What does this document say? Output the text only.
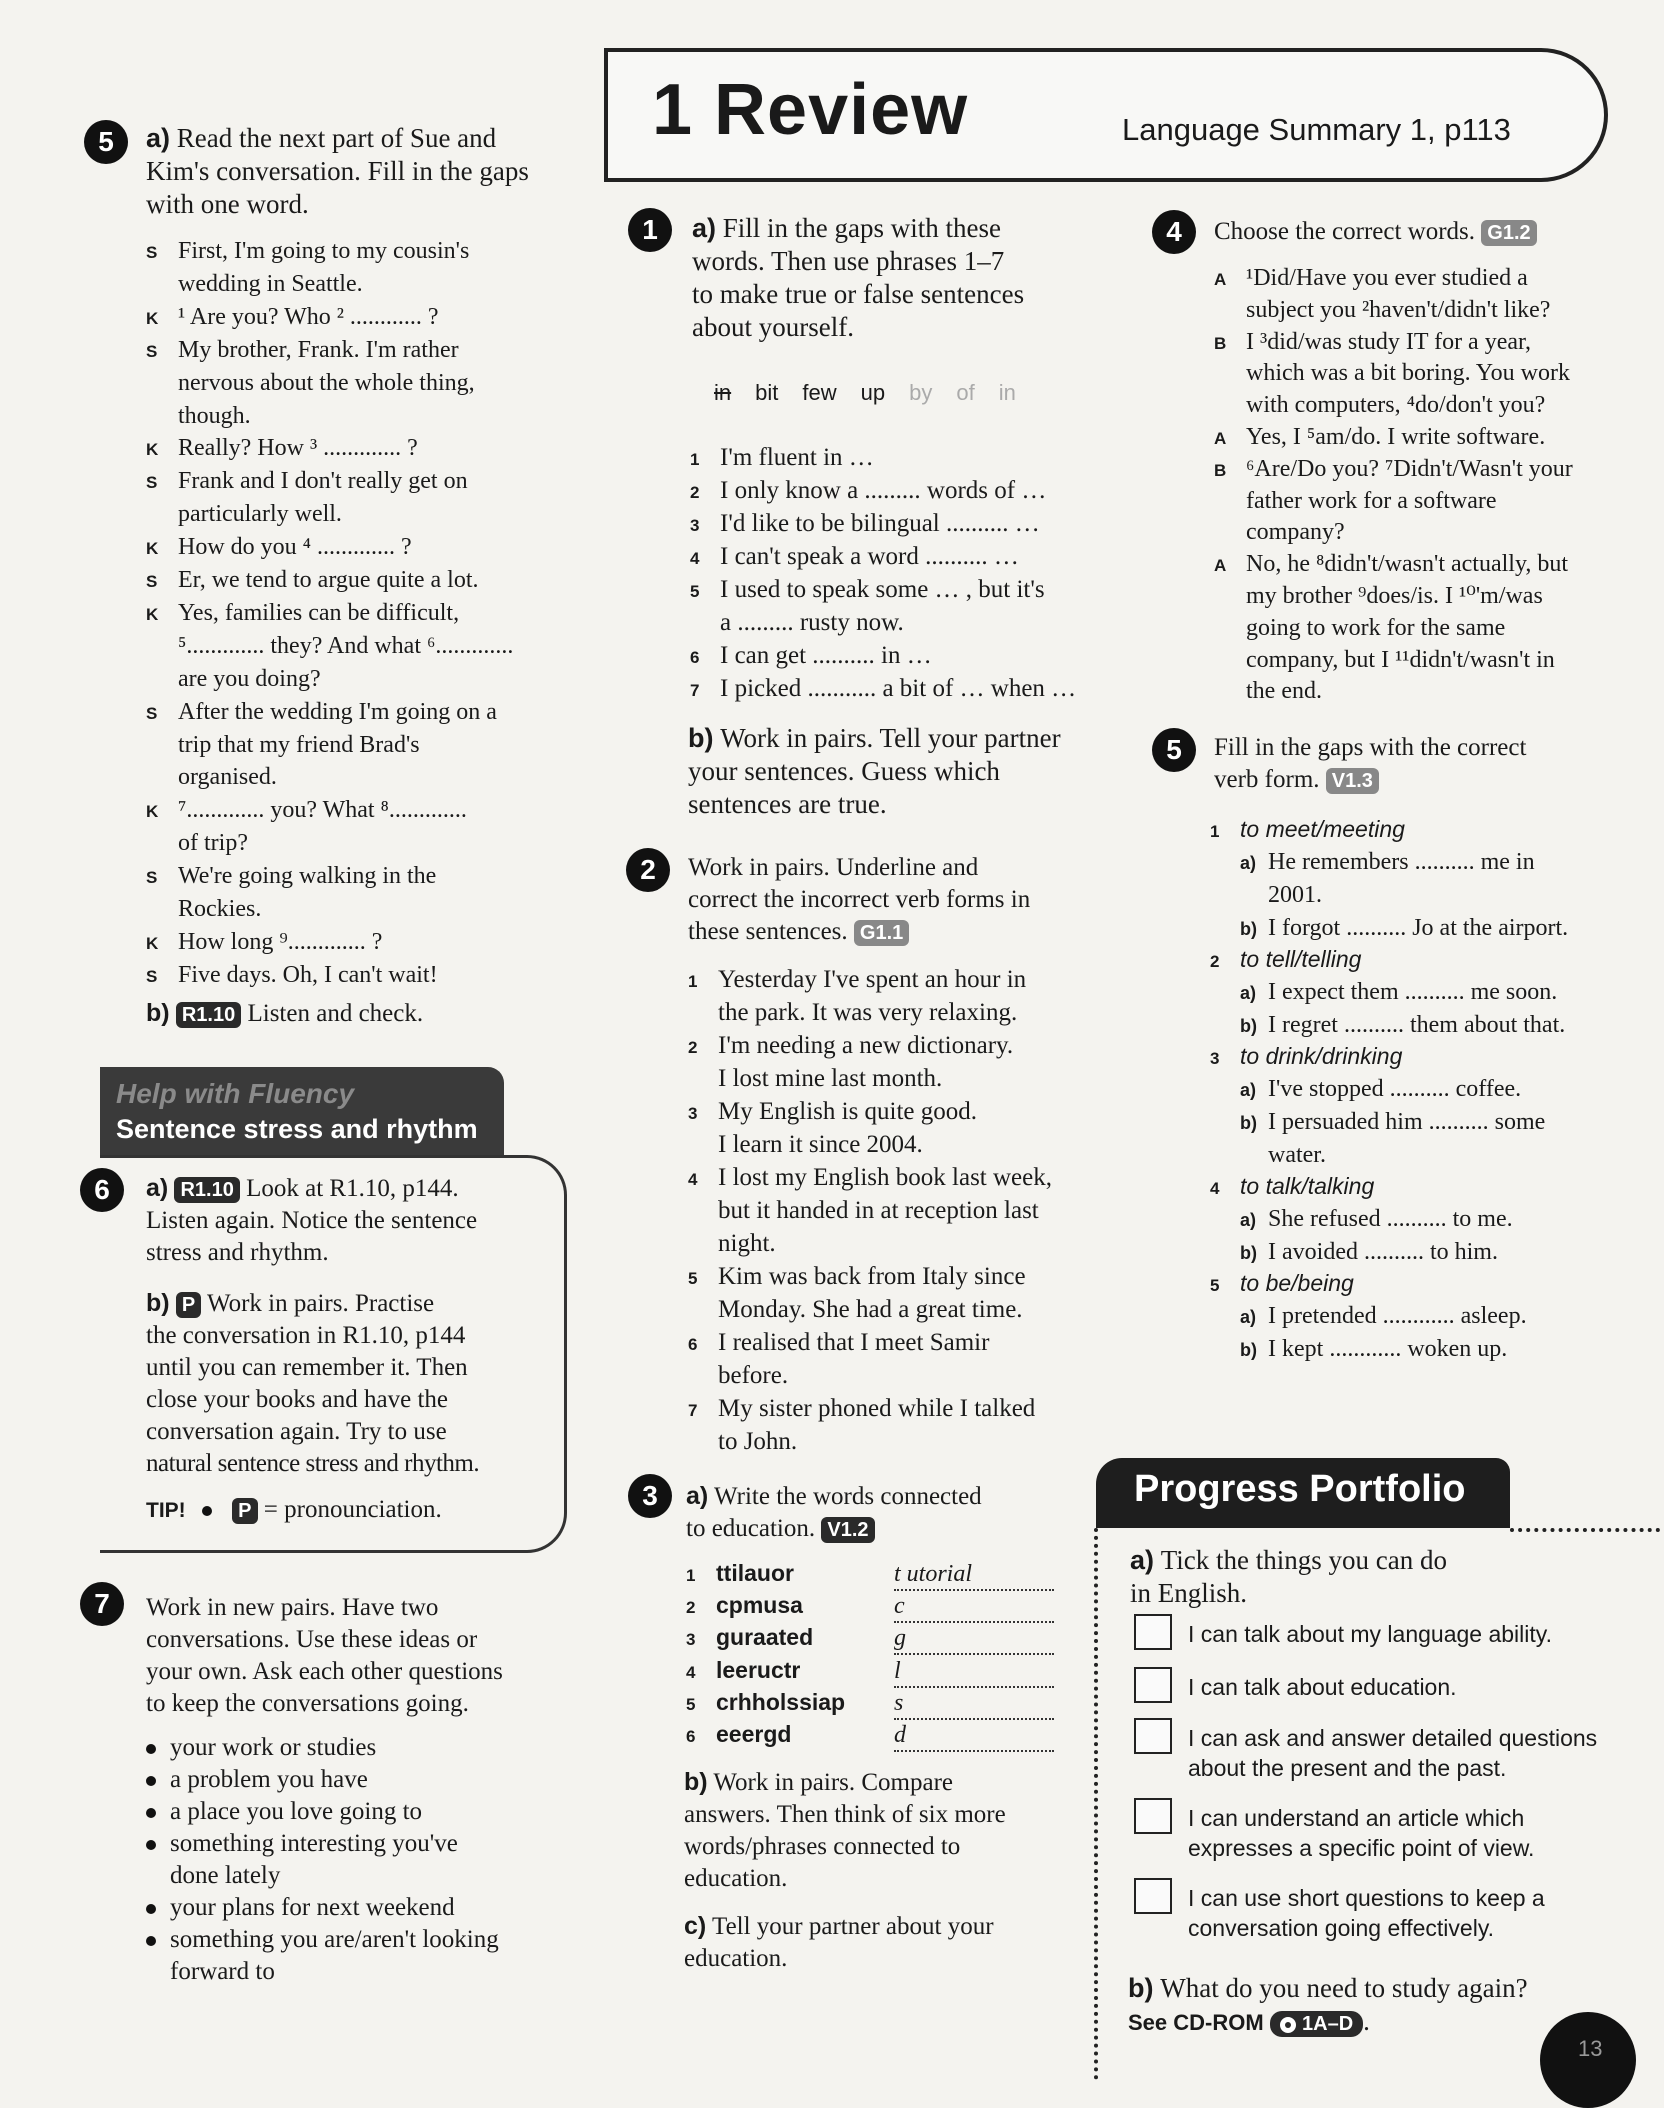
1 Review	Language Summary 1, p113
5	a) Read the next part of Sue and
Kim's conversation. Fill in the gaps
with one word.
S First, I'm going to my cousin's
wedding in Seattle.
K ¹ Are you? Who ² ............ ?
S My brother, Frank. I'm rather
nervous about the whole thing,
though.
K Really? How ³ ............. ?
S Frank and I don't really get on
particularly well.
K How do you ⁴ ............. ?
S Er, we tend to argue quite a lot.
K Yes, families can be difficult,
⁵............. they? And what ⁶.............
are you doing?
S After the wedding I'm going on a
trip that my friend Brad's
organised.
K ⁷............. you? What ⁸.............
of trip?
S We're going walking in the
Rockies.
K How long ⁹............. ?
S Five days. Oh, I can't wait!
b) R1.10 Listen and check.
Help with Fluency
Sentence stress and rhythm
6	a) R1.10 Look at R1.10, p144.
Listen again. Notice the sentence
stress and rhythm.
b) P Work in pairs. Practise
the conversation in R1.10, p144
until you can remember it. Then
close your books and have the
conversation again. Try to use
natural sentence stress and rhythm.
TIP!	P = pronounciation.
7	Work in new pairs. Have two
conversations. Use these ideas or
your own. Ask each other questions
to keep the conversations going.
your work or studies
a problem you have
a place you love going to
something interesting you've
done lately
your plans for next weekend
something you are/aren't looking
forward to
1	a) Fill in the gaps with these
words. Then use phrases 1–7
to make true or false sentences
about yourself.
in bit few up by of in
1 I'm fluent in …
2 I only know a ......... words of …
3 I'd like to be bilingual .......... …
4 I can't speak a word .......... …
5 I used to speak some … , but it's
a ......... rusty now.
6 I can get .......... in …
7 I picked ........... a bit of … when …
b) Work in pairs. Tell your partner
your sentences. Guess which
sentences are true.
2	Work in pairs. Underline and
correct the incorrect verb forms in
these sentences. G1.1
1 Yesterday I've spent an hour in
the park. It was very relaxing.
2 I'm needing a new dictionary.
I lost mine last month.
3 My English is quite good.
I learn it since 2004.
4 I lost my English book last week,
but it handed in at reception last
night.
5 Kim was back from Italy since
Monday. She had a great time.
6 I realised that I meet Samir
before.
7 My sister phoned while I talked
to John.
3	a) Write the words connected
to education. V1.2
1 ttilauor	t utorial
2 cpmusa	c
3 guraated	g
4 leeructr	l
5 crhholssiap s
6 eeergd	d
b) Work in pairs. Compare
answers. Then think of six more
words/phrases connected to
education.
c) Tell your partner about your
education.
4	Choose the correct words. G1.2
A ¹Did/Have you ever studied a
subject you ²haven't/didn't like?
B I ³did/was study IT for a year,
which was a bit boring. You work
with computers, ⁴do/don't you?
A Yes, I ⁵am/do. I write software.
B ⁶Are/Do you? ⁷Didn't/Wasn't your
father work for a software
company?
A No, he ⁸didn't/wasn't actually, but
my brother ⁹does/is. I ¹⁰'m/was
going to work for the same
company, but I ¹¹didn't/wasn't in
the end.
5	Fill in the gaps with the correct
verb form. V1.3
1 to meet/meeting
a) He remembers .......... me in
2001.
b) I forgot .......... Jo at the airport.
2 to tell/telling
a) I expect them .......... me soon.
b) I regret .......... them about that.
3 to drink/drinking
a) I've stopped .......... coffee.
b) I persuaded him .......... some
water.
4 to talk/talking
a) She refused .......... to me.
b) I avoided .......... to him.
5 to be/being
a) I pretended ............ asleep.
b) I kept ............ woken up.
Progress Portfolio
a) Tick the things you can do
in English.
I can talk about my language ability.
I can talk about education.
I can ask and answer detailed questions
about the present and the past.
I can understand an article which
expresses a specific point of view.
I can use short questions to keep a
conversation going effectively.
b) What do you need to study again?
See CD-ROM 1A–D .
13
